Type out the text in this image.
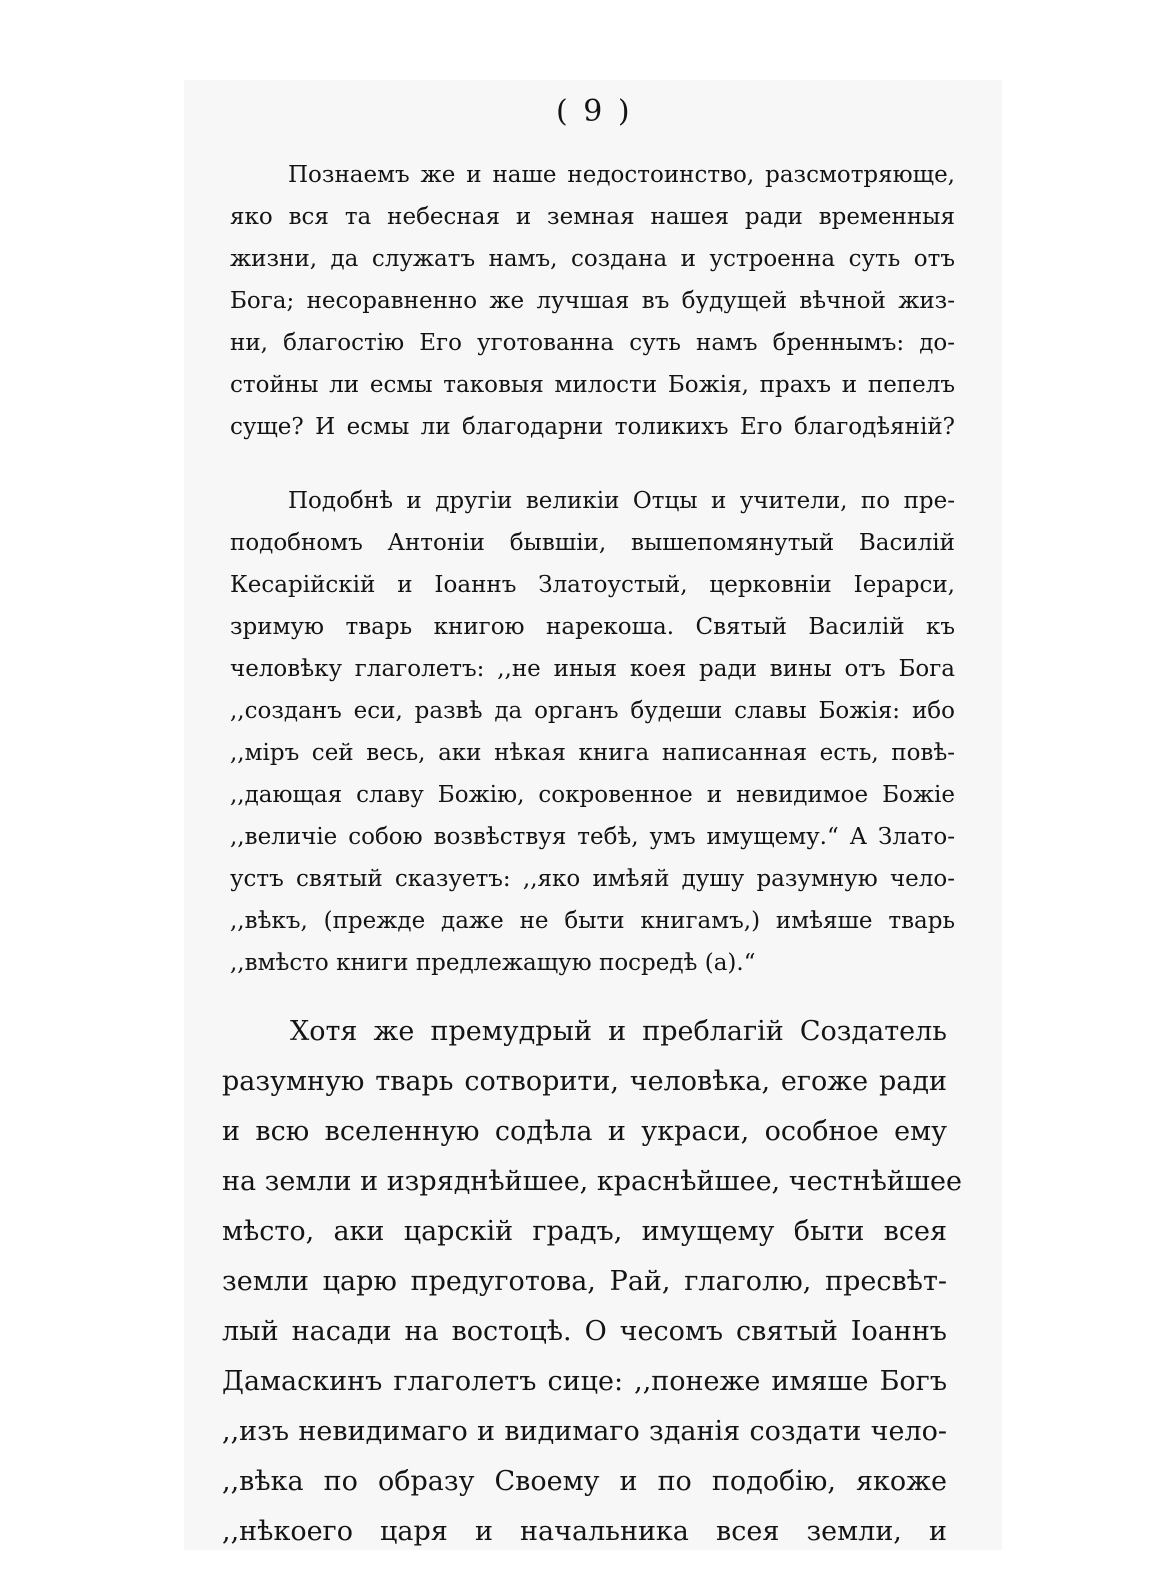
( 9 )
Познаемъ же и наше недостоинство, разсмотряюще,
яко вся та небесная и земная нашея ради временныя
жизни, да служатъ намъ, создана и устроенна суть отъ
Бога; несоравненно же лучшая въ будущей вѣчной жиз-
ни, благостію Его уготованна суть намъ бреннымъ: до-
стойны ли есмы таковыя милости Божія, прахъ и пепелъ
суще? И есмы ли благодарни толикихъ Его благодѣяній?
Подобнѣ и другіи великіи Отцы и учители, по пре-
подобномъ Антоніи бывшіи, вышепомянутый Василій
Кесарійскій и Іоаннъ Златоустый, церковніи Іерарси,
зримую тварь книгою нарекоша. Святый Василій къ
человѣку глаголетъ: ,,не иныя коея ради вины отъ Бога
,,созданъ еси, развѣ да органъ будеши славы Божія: ибо
,,міръ сей весь, аки нѣкая книга написанная есть, повѣ-
,,дающая славу Божію, сокровенное и невидимое Божіе
,,величіе собою возвѣствуя тебѣ, умъ имущему.“ А Злато-
устъ святый сказуетъ: ,,яко имѣяй душу разумную чело-
,,вѣкъ, (прежде даже не быти книгамъ,) имѣяше тварь
,,вмѣсто книги предлежащую посредѣ (а).“
Хотя же премудрый и преблагій Создатель
разумную тварь сотворити, человѣка, егоже ради
и всю вселенную содѣла и украси, особное ему
на земли и изряднѣйшее, краснѣйшее, честнѣйшее
мѣсто, аки царскій градъ, имущему быти всея
земли царю предуготова, Рай, глаголю, пресвѣт-
лый насади на востоцѣ. О чесомъ святый Іоаннъ
Дамаскинъ глаголетъ сице: ,,понеже имяше Богъ
,,изъ невидимаго и видимаго зданія создати чело-
,,вѣка по образу Своему и по подобію, якоже
,,нѣкоего царя и начальника всея земли, и
